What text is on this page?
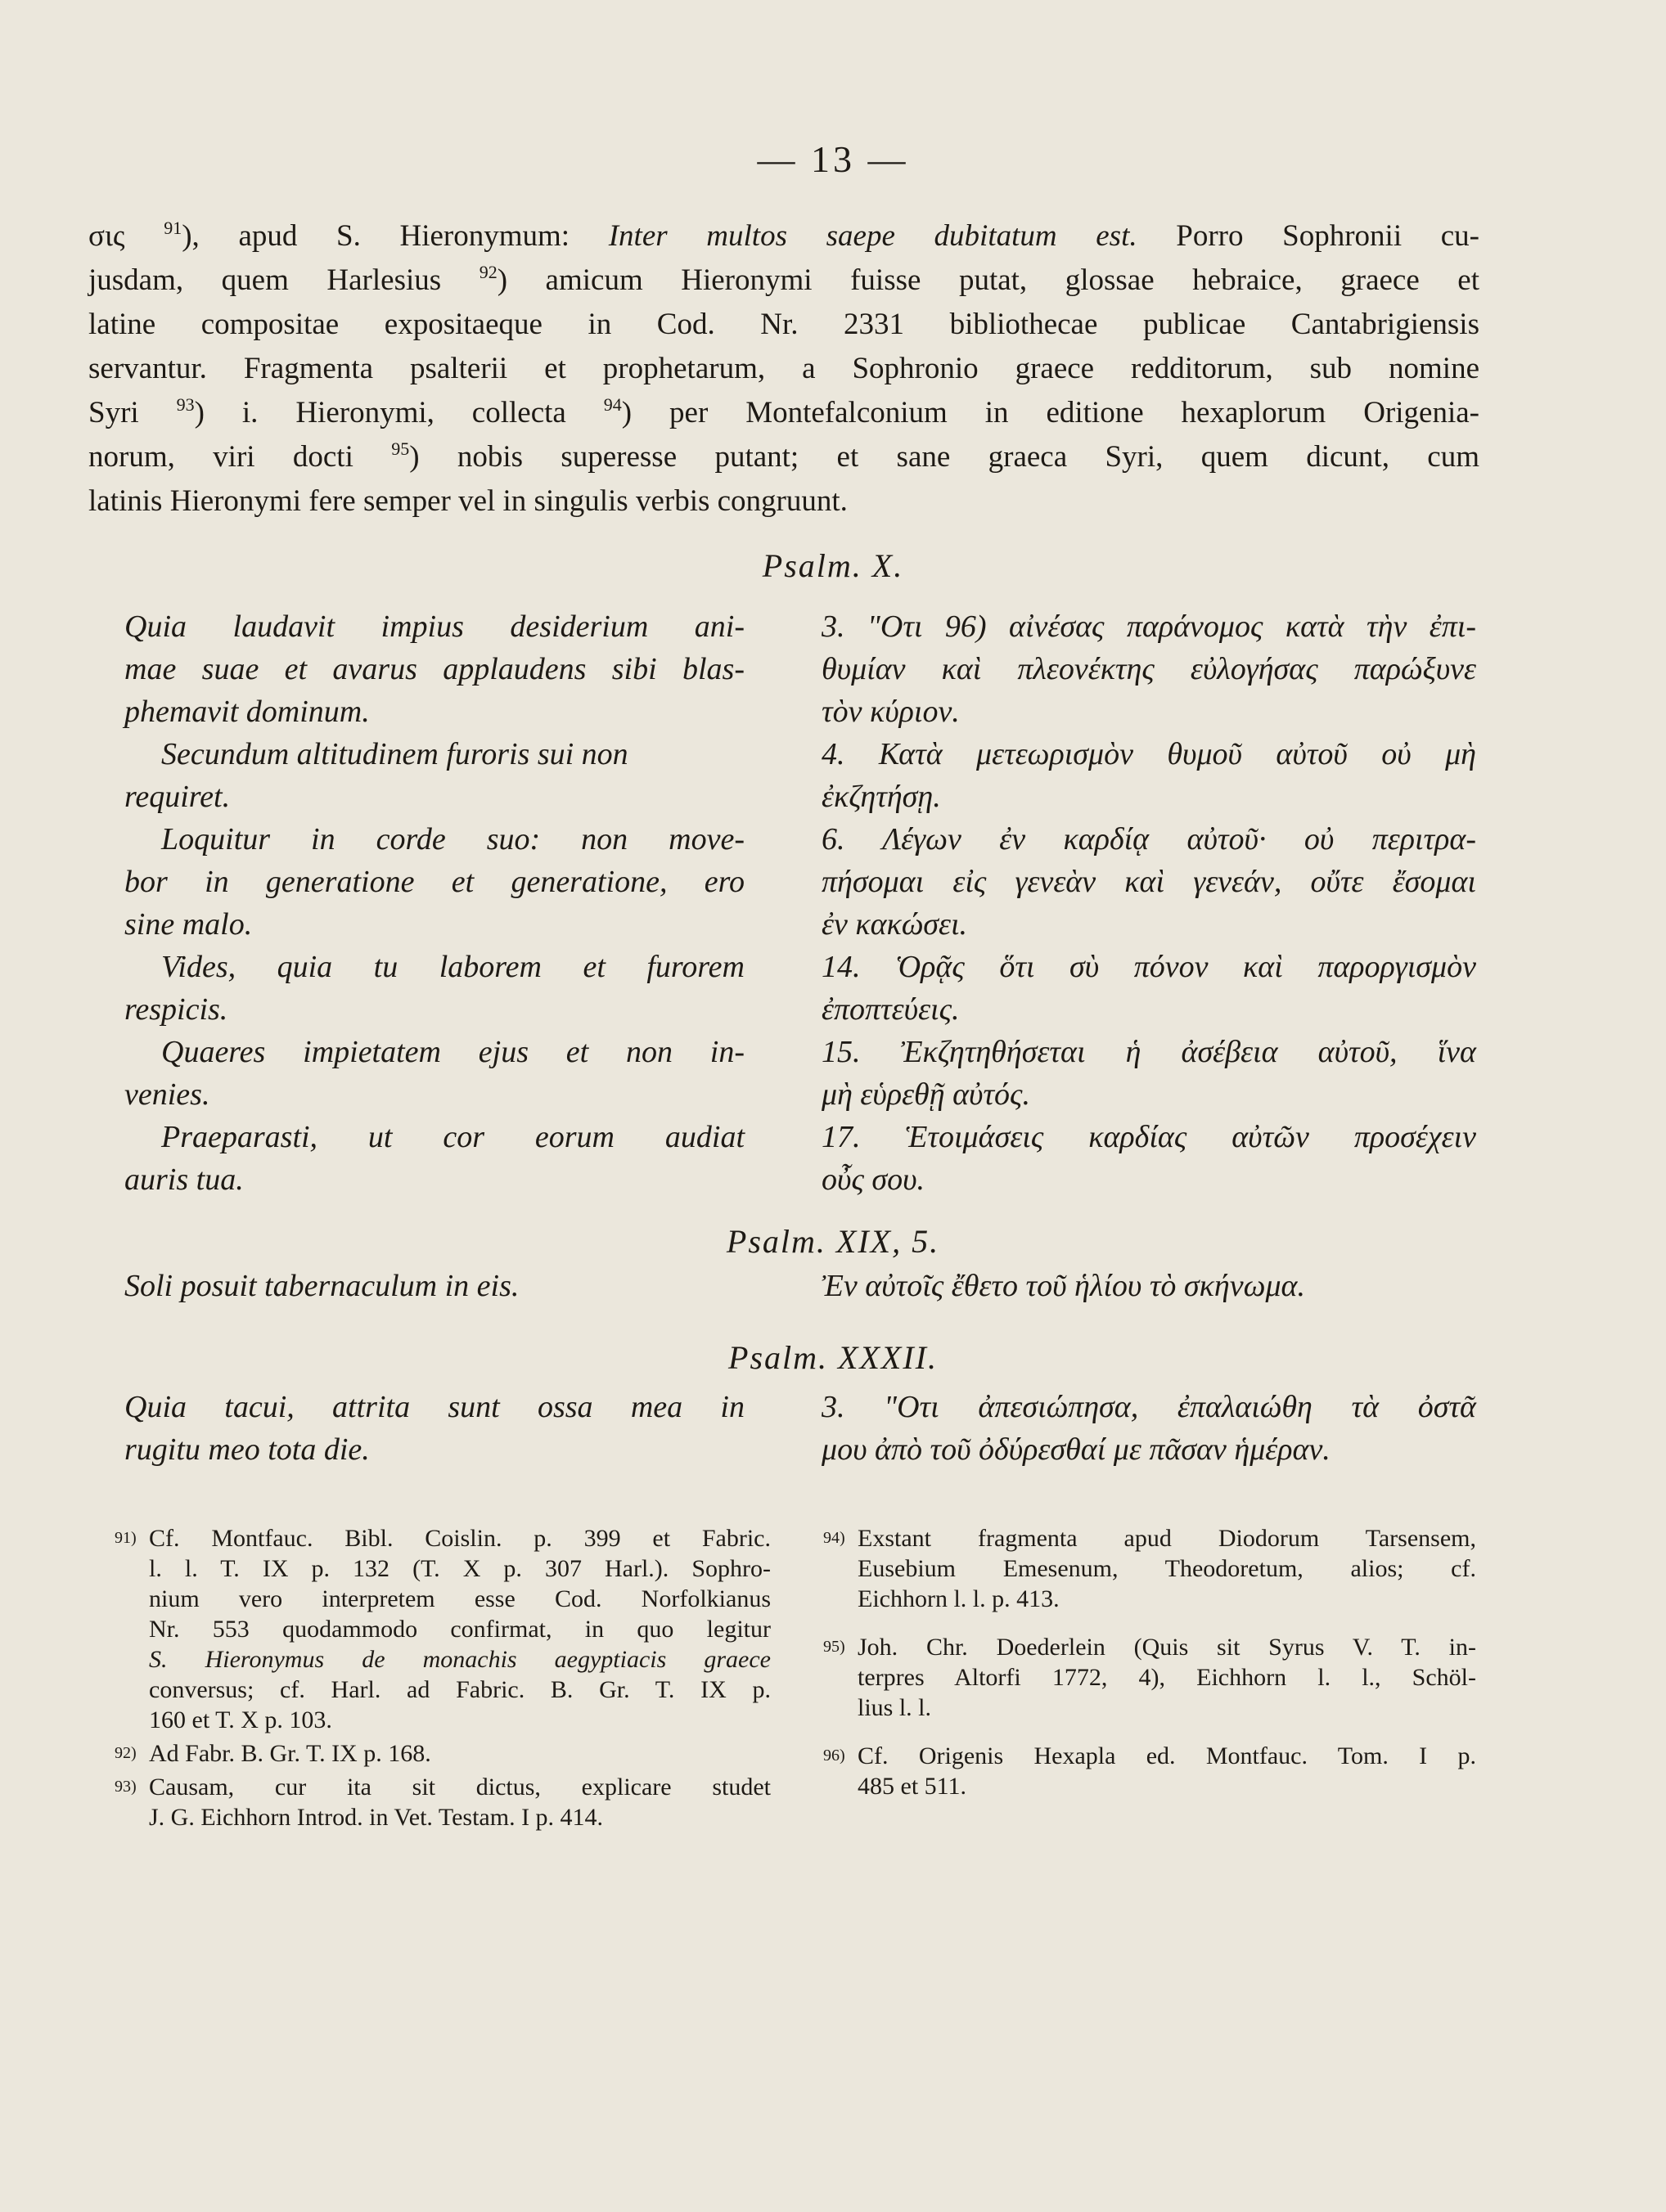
— 13 —
σις $^{91}$), apud S. Hieronymum: Inter multos saepe dubitatum est. Porro Sophronii cu-
jusdam, quem Harlesius $^{92}$) amicum Hieronymi fuisse putat, glossae hebraice, graece et
latine compositae expositaeque in Cod. Nr. 2331 bibliothecae publicae Cantabrigiensis
servantur. Fragmenta psalterii et prophetarum, a Sophronio graece redditorum, sub nomine
Syri $^{93}$) i. Hieronymi, collecta $^{94}$) per Montefalconium in editione hexaplorum Origenia-
norum, viri docti $^{95}$) nobis superesse putant; et sane graeca Syri, quem dicunt, cum
latinis Hieronymi fere semper vel in singulis verbis congruunt.
Psalm. X.
Quia laudavit impius desiderium ani-
mae suae et avarus applaudens sibi blas-
phemavit dominum.
Secundum altitudinem furoris sui non
requiret.
Loquitur in corde suo: non move-
bor in generatione et generatione, ero
sine malo.
Vides, quia tu laborem et furorem
respicis.
Quaeres impietatem ejus et non in-
venies.
Praeparasti, ut cor eorum audiat
auris tua.
3. "Οτι 96) αἰνέσας παράνομος κατὰ τὴν ἐπι-
θυμίαν καὶ πλεονέκτης εὐλογήσας παρώξυνε
τὸν κύριον.
4. Κατὰ μετεωρισμὸν θυμοῦ αὐτοῦ οὐ μὴ
ἐκζητήσῃ.
6. Λέγων ἐν καρδίᾳ αὐτοῦ· οὐ περιτρα-
πήσομαι εἰς γενεὰν καὶ γενεάν, οὔτε ἔσομαι
ἐν κακώσει.
14. Ὁρᾷς ὅτι σὺ πόνον καὶ παροργισμὸν
ἐποπτεύεις.
15. Ἐκζητηθήσεται ἡ ἀσέβεια αὐτοῦ, ἵνα
μὴ εὑρεθῇ αὐτός.
17. Ἑτοιμάσεις καρδίας αὐτῶν προσέχειν
οὖς σου.
Psalm. XIX, 5.
Soli posuit tabernaculum in eis.	Ἐν αὐτοῖς ἔθετο τοῦ ἡλίου τὸ σκήνωμα.
Psalm. XXXII.
Quia tacui, attrita sunt ossa mea in
rugitu meo tota die.
3. "Οτι ἀπεσιώπησα, ἐπαλαιώθη τὰ ὀστᾶ
μου ἀπὸ τοῦ ὀδύρεσθαί με πᾶσαν ἡμέραν.
91) Cf. Montfauc. Bibl. Coislin. p. 399 et Fabric.
l. l. T. IX p. 132 (T. X p. 307 Harl.). Sophro-
nium vero interpretem esse Cod. Norfolkianus
Nr. 553 quodammodo confirmat, in quo legitur
S. Hieronymus de monachis aegyptiacis graece
conversus; cf. Harl. ad Fabric. B. Gr. T. IX p.
160 et T. X p. 103.
92) Ad Fabr. B. Gr. T. IX p. 168.
93) Causam, cur ita sit dictus, explicare studet
J. G. Eichhorn Introd. in Vet. Testam. I p. 414.
94) Exstant fragmenta apud Diodorum Tarsensem,
Eusebium Emesenum, Theodoretum, alios; cf.
Eichhorn l. l. p. 413.
95) Joh. Chr. Doederlein (Quis sit Syrus V. T. in-
terpres Altorfi 1772, 4), Eichhorn l. l., Schöl-
lius l. l.
96) Cf. Origenis Hexapla ed. Montfauc. Tom. I p.
485 et 511.
